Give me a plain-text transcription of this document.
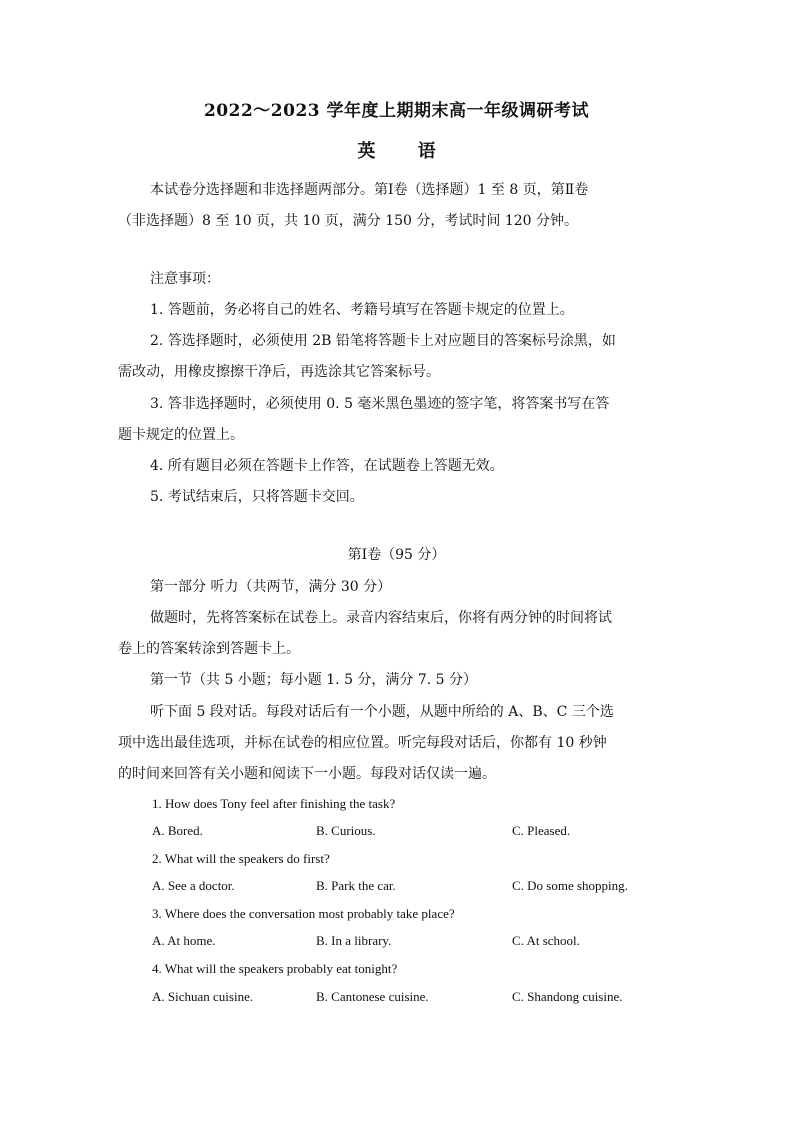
2022～2023 学年度上期期末高一年级调研考试
英 语
本试卷分选择题和非选择题两部分。第Ⅰ卷（选择题）1 至 8 页，第Ⅱ卷
（非选择题）8 至 10 页，共 10 页，满分 150 分，考试时间 120 分钟。
注意事项：
1. 答题前，务必将自己的姓名、考籍号填写在答题卡规定的位置上。
2. 答选择题时，必须使用 2B 铅笔将答题卡上对应题目的答案标号涂黑，如
需改动，用橡皮擦擦干净后，再选涂其它答案标号。
3. 答非选择题时，必须使用 0. 5 毫米黑色墨迹的签字笔，将答案书写在答
题卡规定的位置上。
4. 所有题目必须在答题卡上作答，在试题卷上答题无效。
5. 考试结束后，只将答题卡交回。
第Ⅰ卷（95 分）
第一部分 听力（共两节，满分 30 分）
做题时，先将答案标在试卷上。录音内容结束后，你将有两分钟的时间将试
卷上的答案转涂到答题卡上。
第一节（共 5 小题；每小题 1. 5 分，满分 7. 5 分）
听下面 5 段对话。每段对话后有一个小题，从题中所给的 A、B、C 三个选
项中选出最佳选项，并标在试卷的相应位置。听完每段对话后，你都有 10 秒钟
的时间来回答有关小题和阅读下一小题。每段对话仅读一遍。
1. How does Tony feel after finishing the task?
A. Bored.	B. Curious.	C. Pleased.
2. What will the speakers do first?
A. See a doctor.	B. Park the car.	C. Do some shopping.
3. Where does the conversation most probably take place?
A. At home.	B. In a library.	C. At school.
4. What will the speakers probably eat tonight?
A. Sichuan cuisine.	B. Cantonese cuisine.	C. Shandong cuisine.
